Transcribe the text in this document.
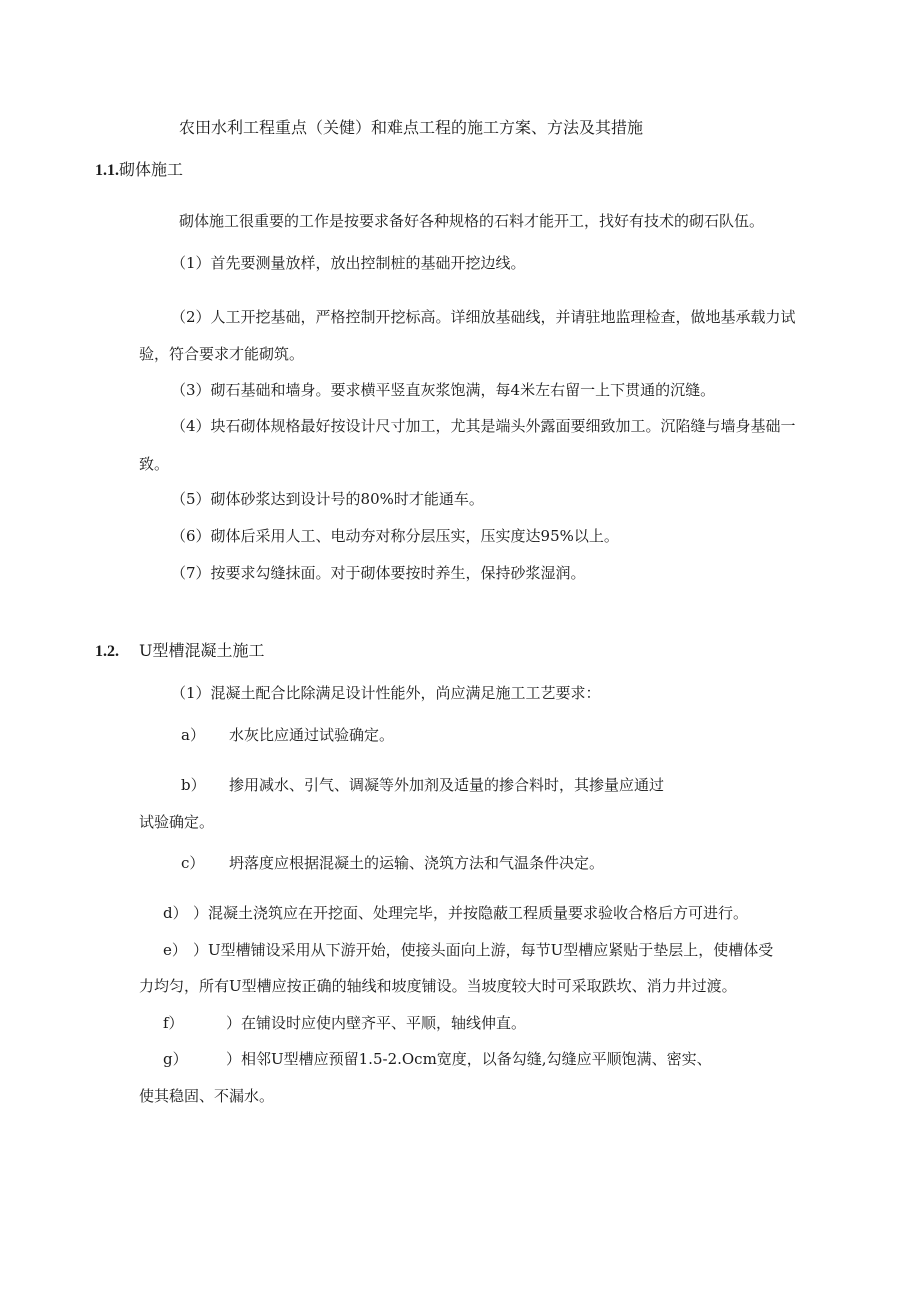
农田水利工程重点（关健）和难点工程的施工方案、方法及其措施
1.1.砌体施工
砌体施工很重要的工作是按要求备好各种规格的石料才能开工，找好有技术的砌石队伍。
（1）首先要测量放样，放出控制桩的基础开挖边线。
（2）人工开挖基础，严格控制开挖标高。详细放基础线，并请驻地监理检查，做地基承载力试
验，符合要求才能砌筑。
（3）砌石基础和墙身。要求横平竖直灰浆饱满，每4米左右留一上下贯通的沉缝。
（4）块石砌体规格最好按设计尺寸加工，尤其是端头外露面要细致加工。沉陷缝与墙身基础一
致。
（5）砌体砂浆达到设计号的80%时才能通车。
（6）砌体后采用人工、电动夯对称分层压实，压实度达95%以上。
（7）按要求勾缝抹面。对于砌体要按时养生，保持砂浆湿润。
1.2. U型槽混凝土施工
（1）混凝土配合比除满足设计性能外，尚应满足施工工艺要求：
a） 水灰比应通过试验确定。
b） 掺用减水、引气、调凝等外加剂及适量的掺合料时，其掺量应通过
试验确定。
c） 坍落度应根据混凝土的运输、浇筑方法和气温条件决定。
d） ）混凝土浇筑应在开挖面、处理完毕，并按隐蔽工程质量要求验收合格后方可进行。
e） ）U型槽铺设采用从下游开始，使接头面向上游，每节U型槽应紧贴于垫层上，使槽体受
力均匀，所有U型槽应按正确的轴线和坡度铺设。当坡度较大时可采取跌坎、消力井过渡。
f）	）在铺设时应使内壁齐平、平顺，轴线伸直。
g）	）相邻U型槽应预留1.5-2.Ocm宽度，以备勾缝,勾缝应平顺饱满、密实、
使其稳固、不漏水。
